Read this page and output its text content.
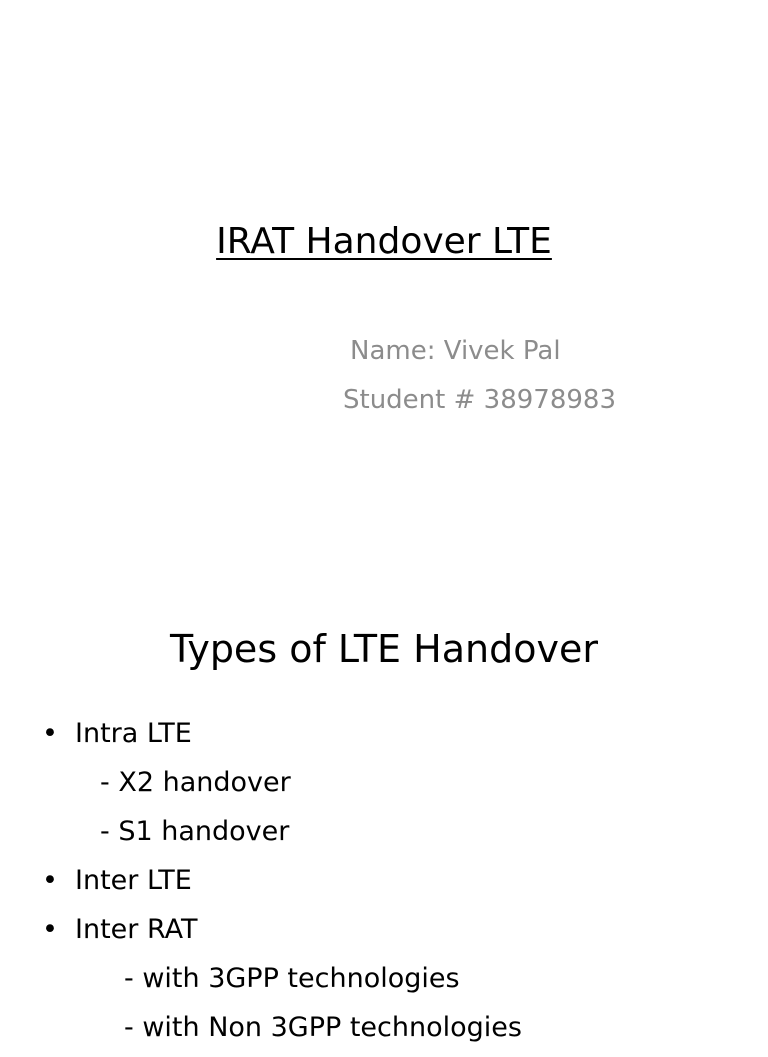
IRAT Handover LTE

Name: Vivek Pal

Student # 38978983

Types of LTE Handover
• Intra LTE
- X2 handover
- S1 handover
• Inter LTE
• Inter RAT
- with 3GPP technologies
- with Non 3GPP technologies
